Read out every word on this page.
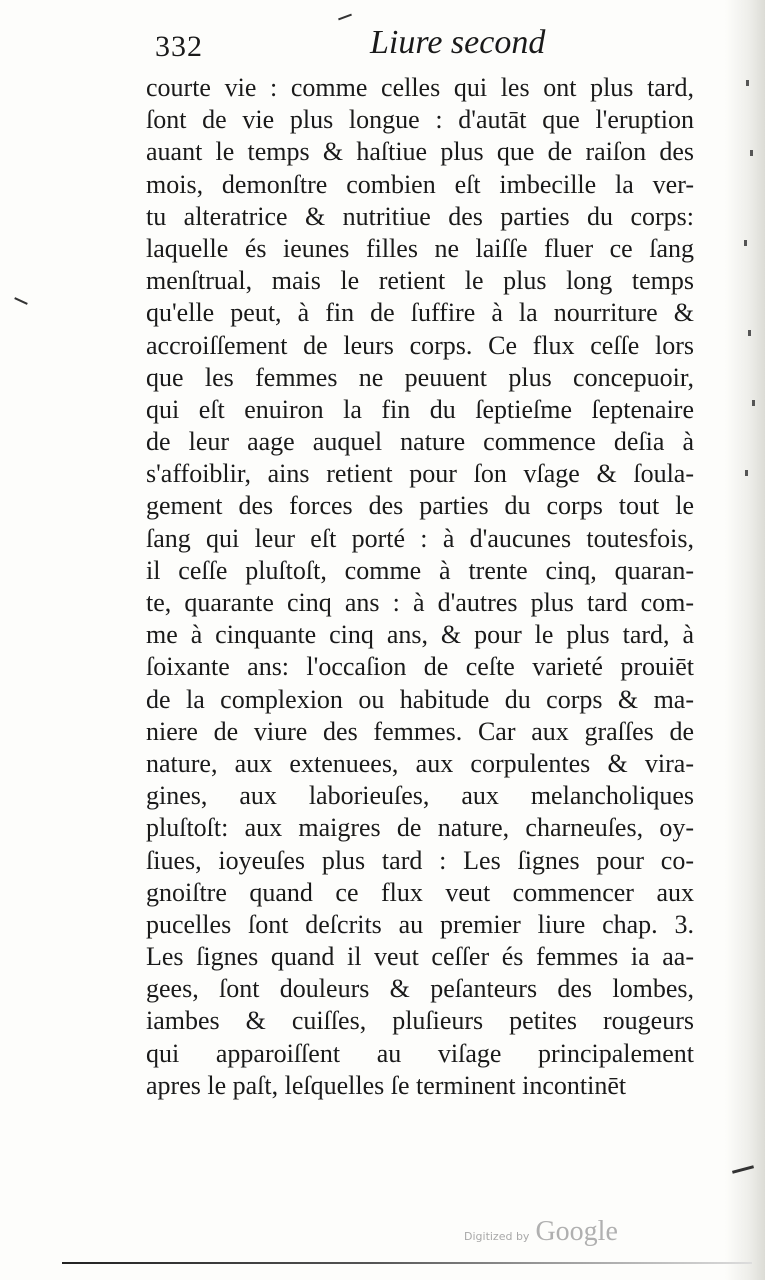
332	Liure second
courte vie : comme celles qui les ont plus tard,
ſont de vie plus longue : d'autāt que l'eruption
auant le temps & haſtiue plus que de raiſon des
mois, demonſtre combien eſt imbecille la ver-
tu alteratrice & nutritiue des parties du corps:
laquelle és ieunes filles ne laiſſe fluer ce ſang
menſtrual, mais le retient le plus long temps
qu'elle peut, à fin de ſuffire à la nourriture &
accroiſſement de leurs corps. Ce flux ceſſe lors
que les femmes ne peuuent plus concepuoir,
qui eſt enuiron la fin du ſeptieſme ſeptenaire
de leur aage auquel nature commence deſia à
s'affoiblir, ains retient pour ſon vſage & ſoula-
gement des forces des parties du corps tout le
ſang qui leur eſt porté : à d'aucunes toutesfois,
il ceſſe pluſtoſt, comme à trente cinq, quaran-
te, quarante cinq ans : à d'autres plus tard com-
me à cinquante cinq ans, & pour le plus tard, à
ſoixante ans: l'occaſion de ceſte varieté prouiēt
de la complexion ou habitude du corps & ma-
niere de viure des femmes. Car aux graſſes de
nature, aux extenuees, aux corpulentes & vira-
gines, aux laborieuſes, aux melancholiques
pluſtoſt: aux maigres de nature, charneuſes, oy-
ſiues, ioyeuſes plus tard : Les ſignes pour co-
gnoiſtre quand ce flux veut commencer aux
pucelles ſont deſcrits au premier liure chap. 3.
Les ſignes quand il veut ceſſer és femmes ia aa-
gees, ſont douleurs & peſanteurs des lombes,
iambes & cuiſſes, pluſieurs petites rougeurs
qui apparoiſſent au viſage principalement
apres le paſt, leſquelles ſe terminent incontinēt
Digitized by Google
